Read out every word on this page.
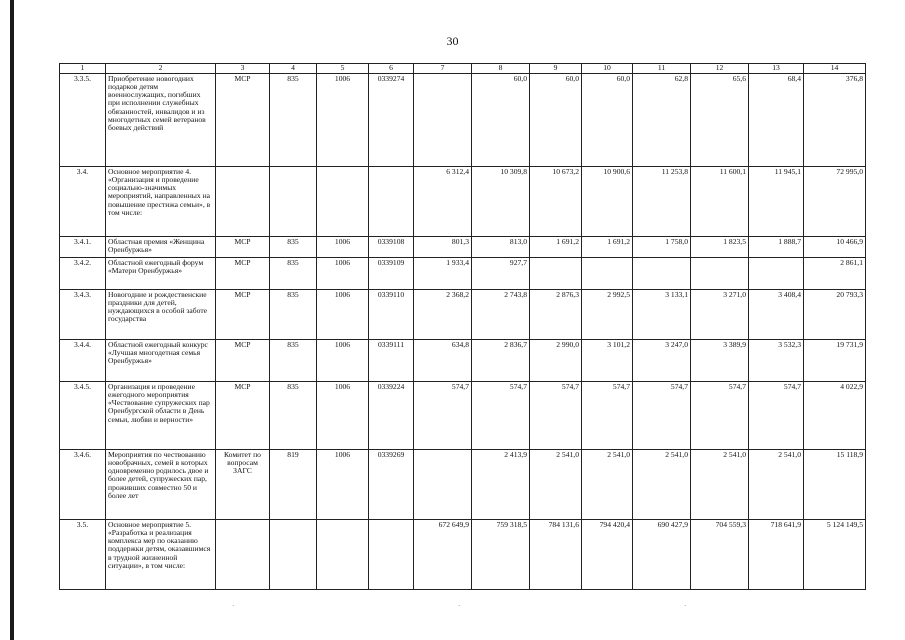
30
1	2	3	4	5	6	7	8	9	10	11	12	13	14
3.3.5.	Приобретение новогодних подарков детям военнослужащих, погибших при исполнении служебных обязанностей, инвалидов и из многодетных семей ветеранов боевых действий	МСР	835	1006	0339274		60,0	60,0	60,0	62,8	65,6	68,4	376,8
3.4.	Основное мероприятие 4. «Организация и проведение социально-значимых мероприятий, направленных на повышение престижа семьи», в том числе:					6 312,4	10 309,8	10 673,2	10 900,6	11 253,8	11 600,1	11 945,1	72 995,0
3.4.1.	Областная премия «Женщина Оренбуржья»	МСР	835	1006	0339108	801,3	813,0	1 691,2	1 691,2	1 758,0	1 823,5	1 888,7	10 466,9
3.4.2.	Областной ежегодный форум «Матери Оренбуржья»	МСР	835	1006	0339109	1 933,4	927,7						2 861,1
3.4.3.	Новогодние и рождественские праздники для детей, нуждающихся в особой заботе государства	МСР	835	1006	0339110	2 368,2	2 743,8	2 876,3	2 992,5	3 133,1	3 271,0	3 408,4	20 793,3
3.4.4.	Областной ежегодный конкурс «Лучшая многодетная семья Оренбуржья»	МСР	835	1006	0339111	634,8	2 836,7	2 990,0	3 101,2	3 247,0	3 389,9	3 532,3	19 731,9
3.4.5.	Организация и проведение ежегодного мероприятия «Чествование супружеских пар Оренбургской области в День семьи, любви и верности»	МСР	835	1006	0339224	574,7	574,7	574,7	574,7	574,7	574,7	574,7	4 022,9
3.4.6.	Мероприятия по чествованию новобрачных, семей в которых одновременно родилось двое и более детей, супружеских пар, проживших совместно 50 и более лет	Комитет по вопросам ЗАГС	819	1006	0339269		2 413,9	2 541,0	2 541,0	2 541,0	2 541,0	2 541,0	15 118,9
3.5.	Основное мероприятие 5. «Разработка и реализация комплекса мер по оказанию поддержки детям, оказавшимся в трудной жизненной ситуации», в том числе:					672 649,9	759 318,5	784 131,6	794 420,4	690 427,9	704 559,3	718 641,9	5 124 149,5
·	·	·
